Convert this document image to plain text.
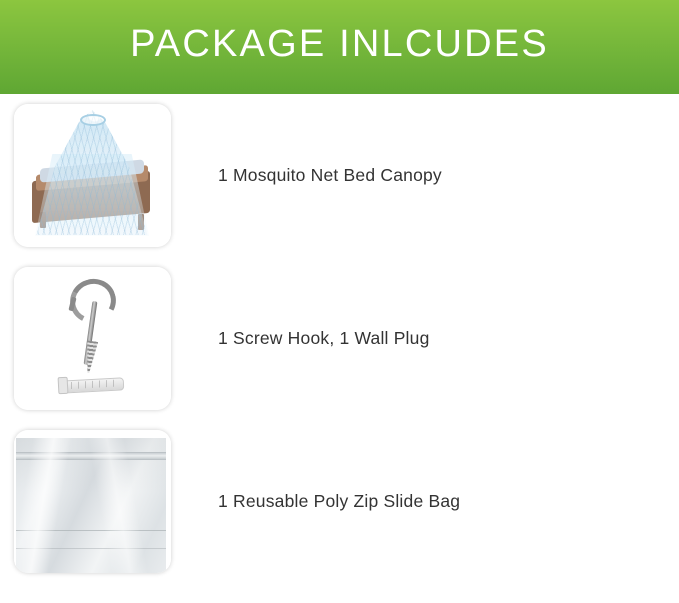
PACKAGE INLCUDES
1 Mosquito Net Bed Canopy
1 Screw Hook, 1 Wall Plug
1 Reusable Poly Zip Slide Bag
